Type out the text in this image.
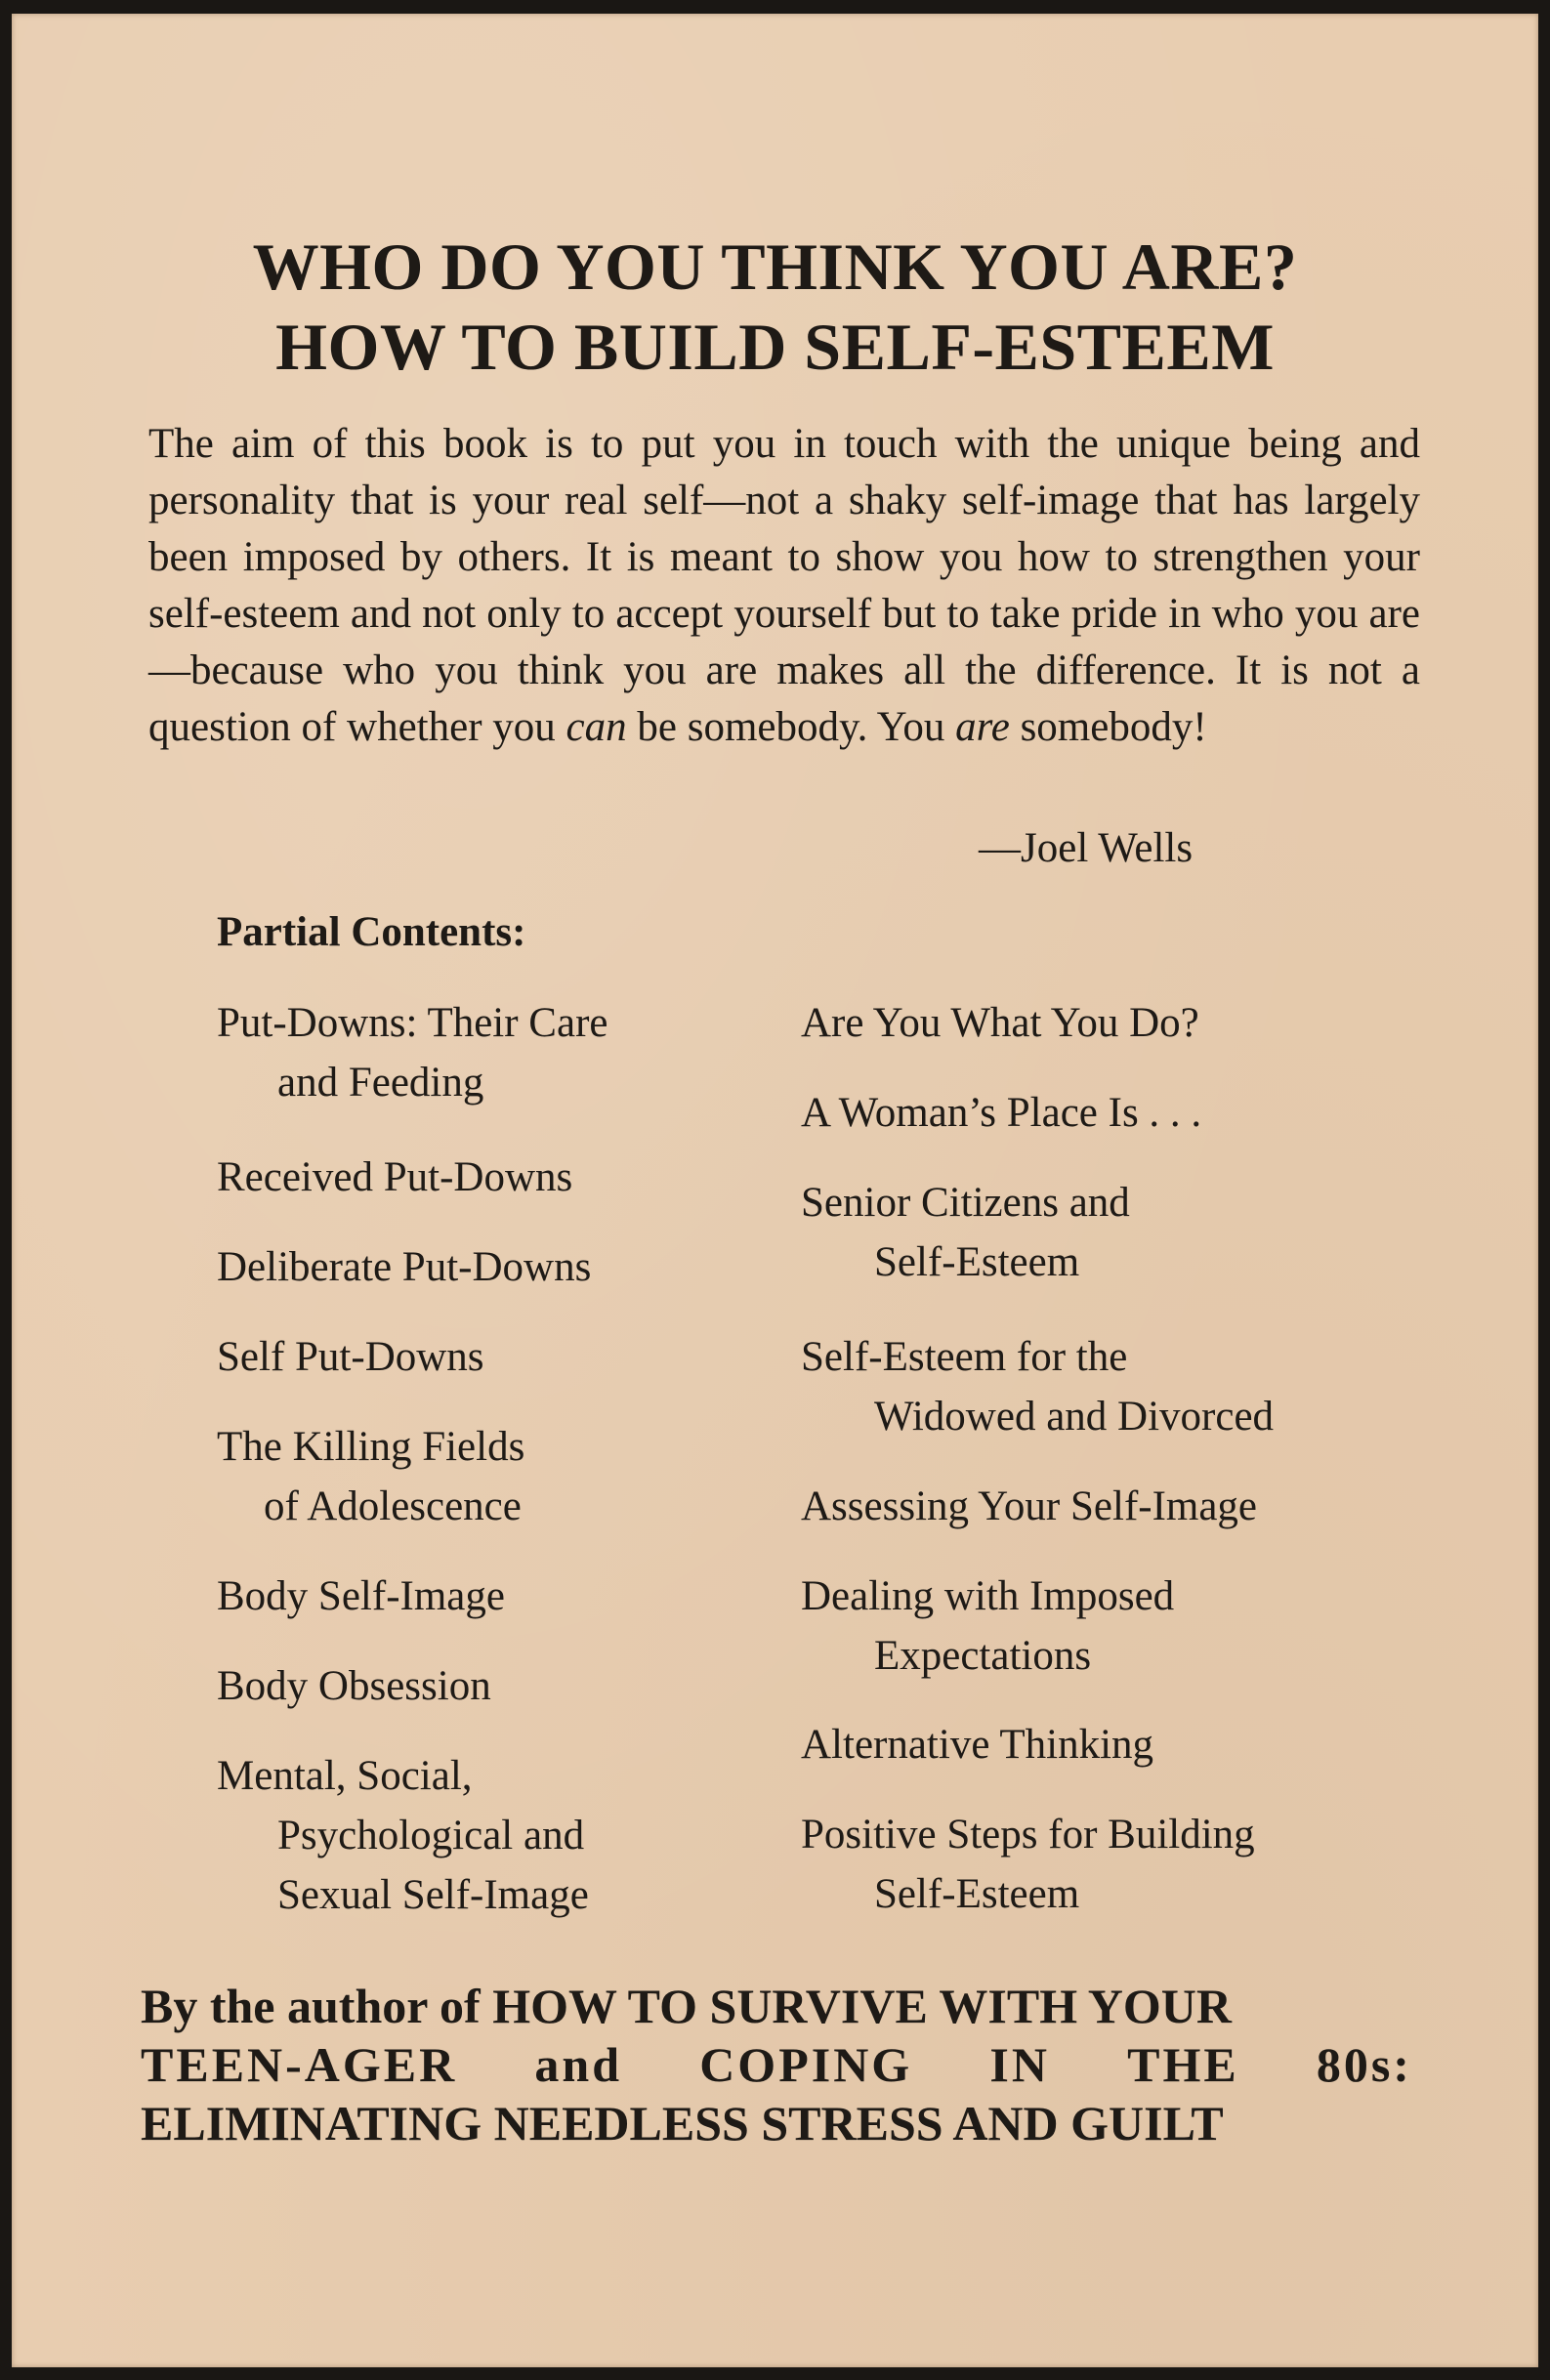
WHO DO YOU THINK YOU ARE?
HOW TO BUILD SELF-ESTEEM

The aim of this book is to put you in touch with the unique being and personality that is your real self—not a shaky self-image that has largely been imposed by others. It is meant to show you how to strengthen your self-esteem and not only to accept yourself but to take pride in who you are—because who you think you are makes all the difference. It is not a question of whether you can be somebody. You are somebody!

—Joel Wells
Partial Contents:
Put-Downs: Their Care
and Feeding
Received Put-Downs
Deliberate Put-Downs
Self Put-Downs
The Killing Fields
of Adolescence
Body Self-Image
Body Obsession
Mental, Social,
Psychological and
Sexual Self-Image
Are You What You Do?
A Woman’s Place Is . . .
Senior Citizens and
Self-Esteem
Self-Esteem for the
Widowed and Divorced
Assessing Your Self-Image
Dealing with Imposed
Expectations
Alternative Thinking
Positive Steps for Building
Self-Esteem
By the author of HOW TO SURVIVE WITH YOUR
TEEN-AGER and COPING IN THE 80s:
ELIMINATING NEEDLESS STRESS AND GUILT
